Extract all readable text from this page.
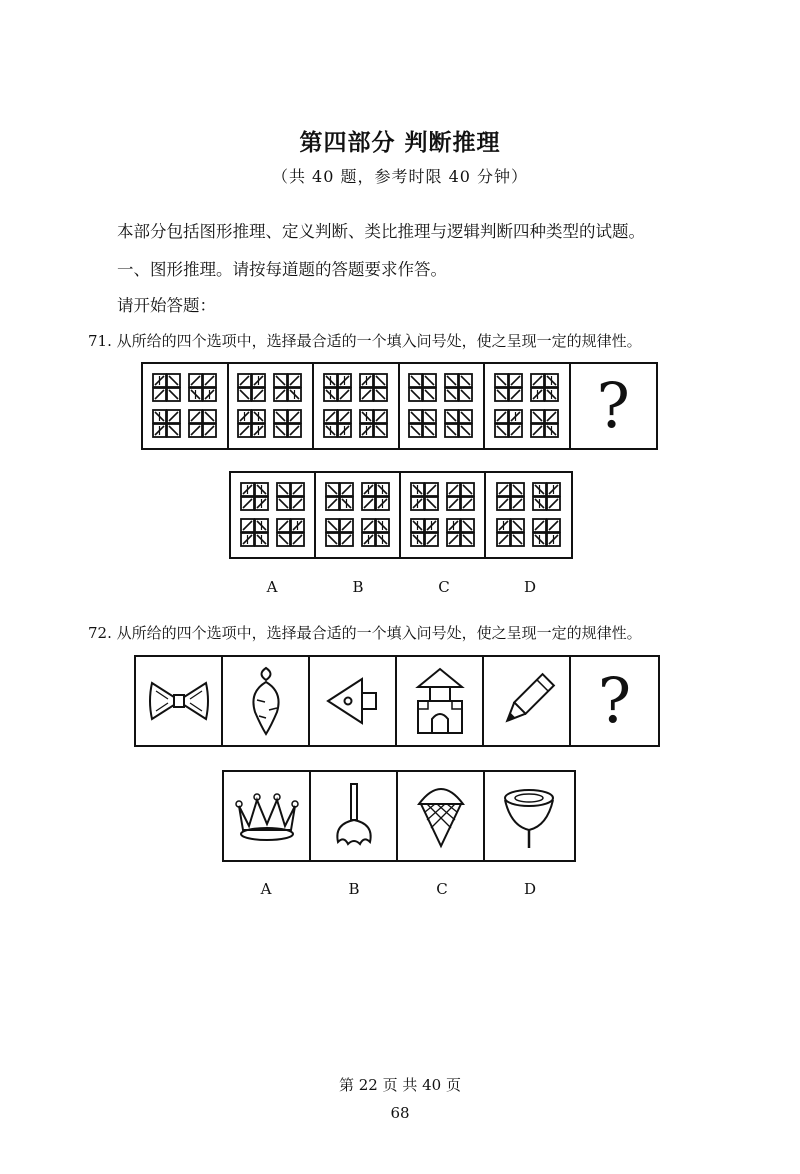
第四部分 判断推理
（共 40 题，参考时限 40 分钟）
本部分包括图形推理、定义判断、类比推理与逻辑判断四种类型的试题。
一、图形推理。请按每道题的答题要求作答。
请开始答题：
71. 从所给的四个选项中，选择最合适的一个填入问号处，使之呈现一定的规律性。
?
A	B	C	D
72. 从所给的四个选项中，选择最合适的一个填入问号处，使之呈现一定的规律性。
?
A	B	C	D
第 22 页 共 40 页
68
